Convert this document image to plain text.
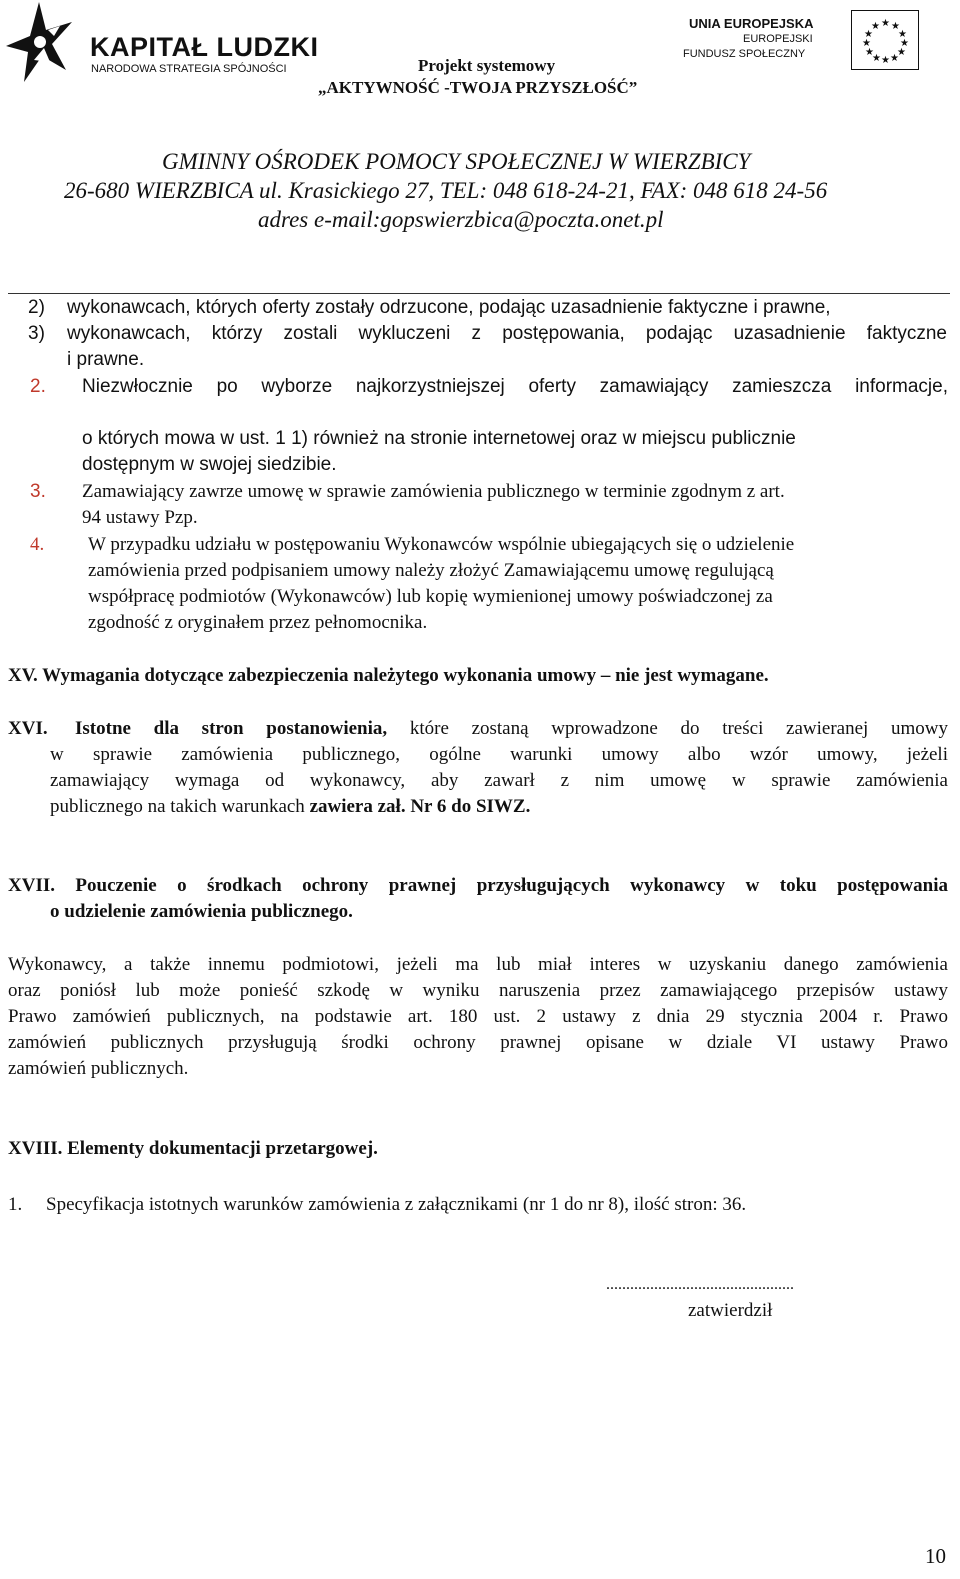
KAPITAŁ LUDZKI
NARODOWA STRATEGIA SPÓJNOŚCI	Projekt systemowy
„AKTYWNOŚĆ -TWOJA PRZYSZŁOŚĆ”
UNIA EUROPEJSKA
EUROPEJSKI
FUNDUSZ SPOŁECZNY
★ ★
★
★
★
★
★
★
★
★
★
★
GMINNY OŚRODEK POMOCY SPOŁECZNEJ W WIERZBICY
26-680 WIERZBICA ul. Krasickiego 27, TEL: 048 618-24-21, FAX: 048 618 24-56
adres e-mail:gopswierzbica@poczta.onet.pl
2) wykonawcach, których oferty zostały odrzucone, podając uzasadnienie faktyczne i prawne,
3) wykonawcach, którzy zostali wykluczeni z postępowania, podając uzasadnienie faktyczne
i prawne.
2. Niezwłocznie po wyborze najkorzystniejszej oferty zamawiający zamieszcza informacje,
o których mowa w ust. 1 1) również na stronie internetowej oraz w miejscu publicznie
dostępnym w swojej siedzibie.
3. Zamawiający zawrze umowę w sprawie zamówienia publicznego w terminie zgodnym z art.
94 ustawy Pzp.
4. W przypadku udziału w postępowaniu Wykonawców wspólnie ubiegających się o udzielenie
zamówienia przed podpisaniem umowy należy złożyć Zamawiającemu umowę regulującą
współpracę podmiotów (Wykonawców) lub kopię wymienionej umowy poświadczonej za
zgodność z oryginałem przez pełnomocnika.
XV. Wymagania dotyczące zabezpieczenia należytego wykonania umowy – nie jest wymagane.
XVI. Istotne dla stron postanowienia, które zostaną wprowadzone do treści zawieranej umowy
w sprawie zamówienia publicznego, ogólne warunki umowy albo wzór umowy, jeżeli
zamawiający wymaga od wykonawcy, aby zawarł z nim umowę w sprawie zamówienia
publicznego na takich warunkach zawiera zał. Nr 6 do SIWZ.
XVII. Pouczenie o środkach ochrony prawnej przysługujących wykonawcy w toku postępowania
o udzielenie zamówienia publicznego.
Wykonawcy, a także innemu podmiotowi, jeżeli ma lub miał interes w uzyskaniu danego zamówienia
oraz poniósł lub może ponieść szkodę w wyniku naruszenia przez zamawiającego przepisów ustawy
Prawo zamówień publicznych, na podstawie art. 180 ust. 2 ustawy z dnia 29 stycznia 2004 r. Prawo
zamówień publicznych przysługują środki ochrony prawnej opisane w dziale VI ustawy Prawo
zamówień publicznych.
XVIII. Elementy dokumentacji przetargowej.
1. Specyfikacja istotnych warunków zamówienia z załącznikami (nr 1 do nr 8), ilość stron: 36.
...............................................
zatwierdził
10
